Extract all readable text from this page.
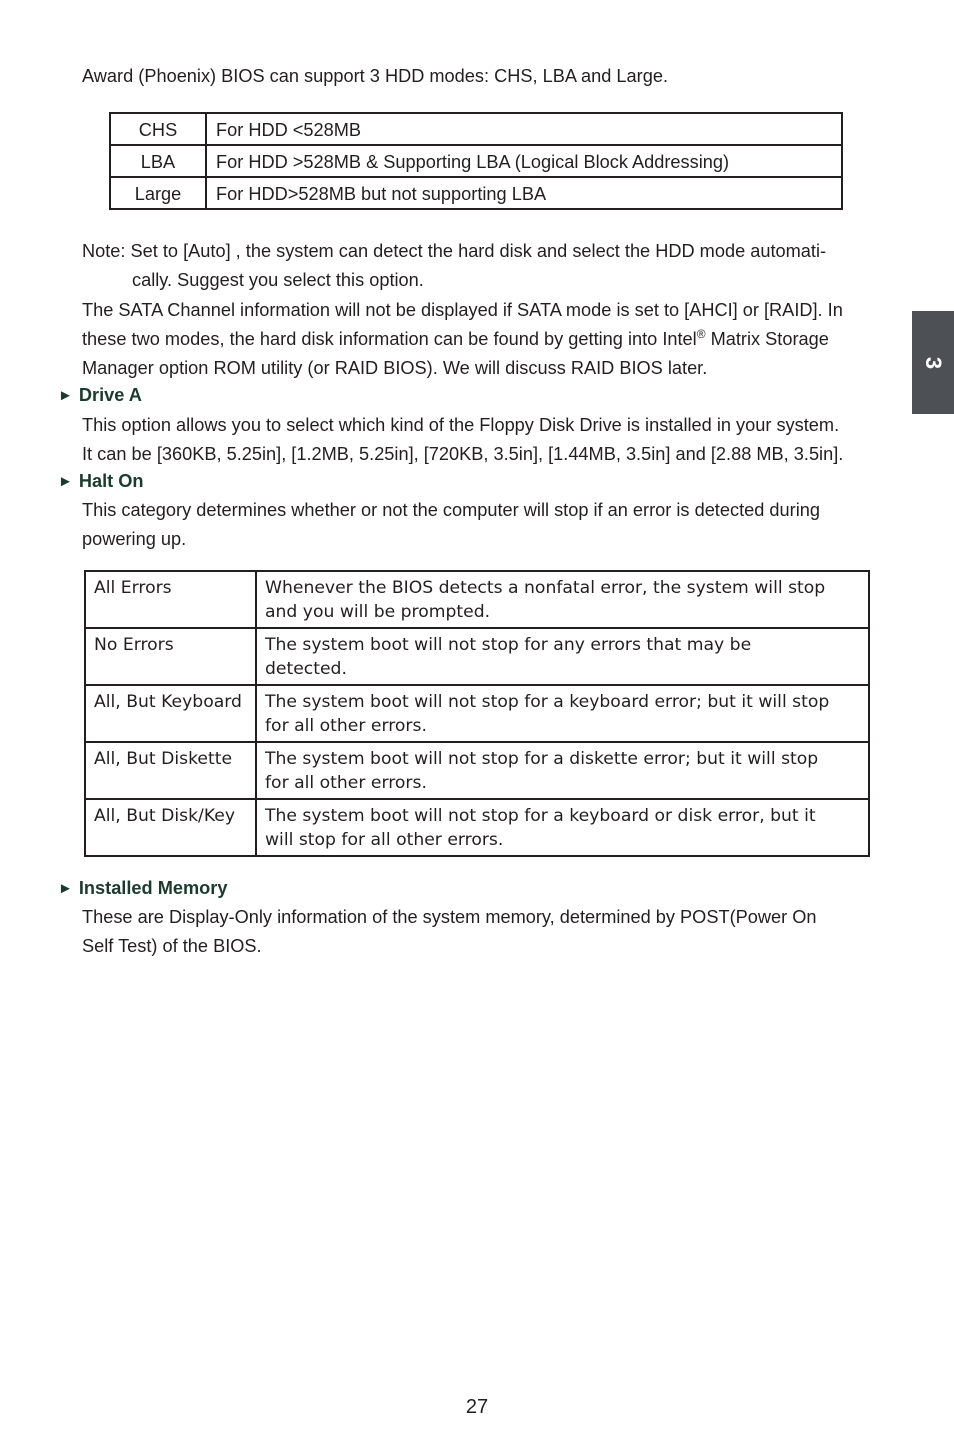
Award (Phoenix) BIOS can support 3 HDD modes: CHS, LBA and Large.

CHS	For HDD <528MB
LBA	For HDD >528MB & Supporting LBA (Logical Block Addressing)
Large	For HDD>528MB but not supporting LBA

Note: Set to [Auto] , the system can detect the hard disk and select the HDD mode automati-
cally. Suggest you select this option.

The SATA Channel information will not be displayed if SATA mode is set to [AHCI] or [RAID]. In
these two modes, the hard disk information can be found by getting into Intel® Matrix Storage
Manager option ROM utility (or RAID BIOS). We will discuss RAID BIOS later.

► Drive A

This option allows you to select which kind of the Floppy Disk Drive is installed in your system.
It can be [360KB, 5.25in], [1.2MB, 5.25in], [720KB, 3.5in], [1.44MB, 3.5in] and [2.88 MB, 3.5in].

► Halt On

This category determines whether or not the computer will stop if an error is detected during
powering up.

All Errors	Whenever the BIOS detects a nonfatal error, the system will stop
and you will be prompted.

No Errors	The system boot will not stop for any errors that may be
detected.

All, But Keyboard	The system boot will not stop for a keyboard error; but it will stop
for all other errors.

All, But Diskette	The system boot will not stop for a diskette error; but it will stop
for all other errors.

All, But Disk/Key	The system boot will not stop for a keyboard or disk error, but it
will stop for all other errors.
► Installed Memory

These are Display-Only information of the system memory, determined by POST(Power On
Self Test) of the BIOS.

3
27
